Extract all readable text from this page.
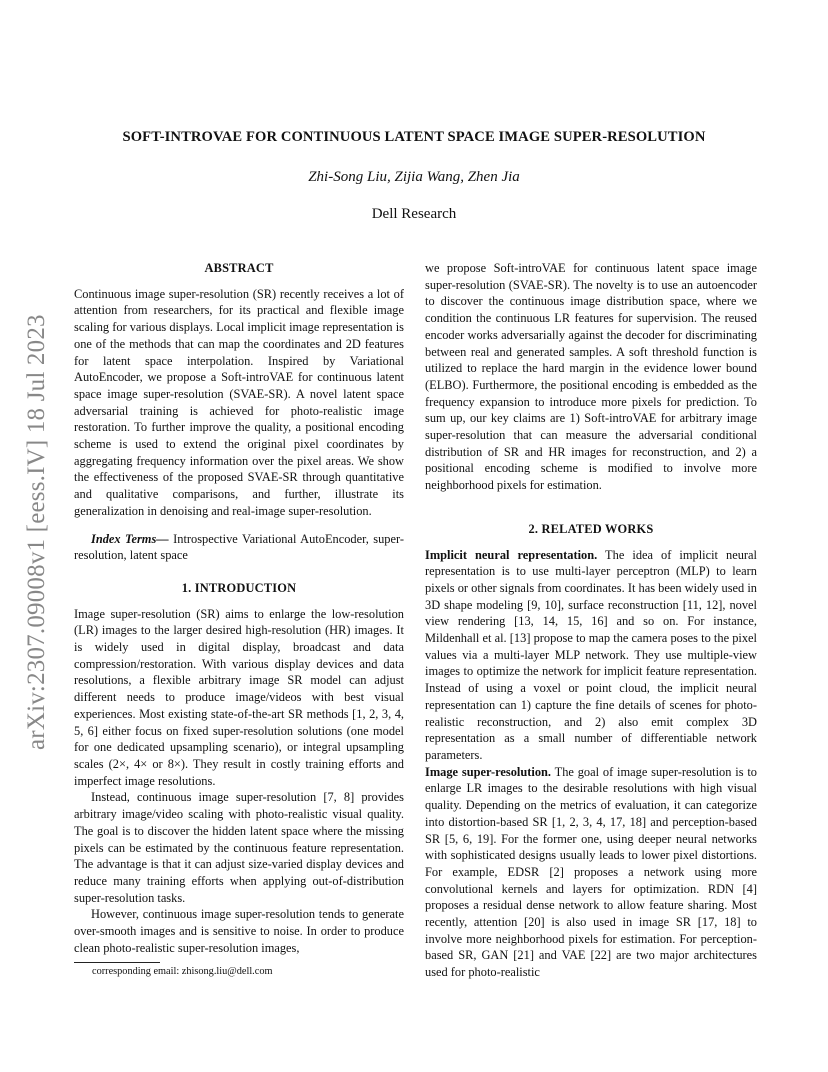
arXiv:2307.09008v1 [eess.IV] 18 Jul 2023
SOFT-INTROVAE FOR CONTINUOUS LATENT SPACE IMAGE SUPER-RESOLUTION
Zhi-Song Liu, Zijia Wang, Zhen Jia
Dell Research
ABSTRACT

Continuous image super-resolution (SR) recently receives a lot of attention from researchers, for its practical and flexible image scaling for various displays. Local implicit image representation is one of the methods that can map the coordinates and 2D features for latent space interpolation. Inspired by Variational AutoEncoder, we propose a Soft-introVAE for continuous latent space image super-resolution (SVAE-SR). A novel latent space adversarial training is achieved for photo-realistic image restoration. To further improve the quality, a positional encoding scheme is used to extend the original pixel coordinates by aggregating frequency information over the pixel areas. We show the effectiveness of the proposed SVAE-SR through quantitative and qualitative comparisons, and further, illustrate its generalization in denoising and real-image super-resolution.

Index Terms— Introspective Variational AutoEncoder, super-resolution, latent space

1. INTRODUCTION

Image super-resolution (SR) aims to enlarge the low-resolution (LR) images to the larger desired high-resolution (HR) images. It is widely used in digital display, broadcast and data compression/restoration. With various display devices and data resolutions, a flexible arbitrary image SR model can adjust different needs to produce image/videos with best visual experiences. Most existing state-of-the-art SR methods [1, 2, 3, 4, 5, 6] either focus on fixed super-resolution solutions (one model for one dedicated upsampling scenario), or integral upsampling scales (2×, 4× or 8×). They result in costly training efforts and imperfect image resolutions.

Instead, continuous image super-resolution [7, 8] provides arbitrary image/video scaling with photo-realistic visual quality. The goal is to discover the hidden latent space where the missing pixels can be estimated by the continuous feature representation. The advantage is that it can adjust size-varied display devices and reduce many training efforts when applying out-of-distribution super-resolution tasks.

However, continuous image super-resolution tends to generate over-smooth images and is sensitive to noise. In order to produce clean photo-realistic super-resolution images,

we propose Soft-introVAE for continuous latent space image super-resolution (SVAE-SR). The novelty is to use an autoencoder to discover the continuous image distribution space, where we condition the continuous LR features for supervision. The reused encoder works adversarially against the decoder for discriminating between real and generated samples. A soft threshold function is utilized to replace the hard margin in the evidence lower bound (ELBO). Furthermore, the positional encoding is embedded as the frequency expansion to introduce more pixels for prediction. To sum up, our key claims are 1) Soft-introVAE for arbitrary image super-resolution that can measure the adversarial conditional distribution of SR and HR images for reconstruction, and 2) a positional encoding scheme is modified to involve more neighborhood pixels for estimation.

2. RELATED WORKS

Implicit neural representation. The idea of implicit neural representation is to use multi-layer perceptron (MLP) to learn pixels or other signals from coordinates. It has been widely used in 3D shape modeling [9, 10], surface reconstruction [11, 12], novel view rendering [13, 14, 15, 16] and so on. For instance, Mildenhall et al. [13] propose to map the camera poses to the pixel values via a multi-layer MLP network. They use multiple-view images to optimize the network for implicit feature representation. Instead of using a voxel or point cloud, the implicit neural representation can 1) capture the fine details of scenes for photo-realistic reconstruction, and 2) also emit complex 3D representation as a small number of differentiable network parameters.

Image super-resolution. The goal of image super-resolution is to enlarge LR images to the desirable resolutions with high visual quality. Depending on the metrics of evaluation, it can categorize into distortion-based SR [1, 2, 3, 4, 17, 18] and perception-based SR [5, 6, 19]. For the former one, using deeper neural networks with sophisticated designs usually leads to lower pixel distortions. For example, EDSR [2] proposes a network using more convolutional kernels and layers for optimization. RDN [4] proposes a residual dense network to allow feature sharing. Most recently, attention [20] is also used in image SR [17, 18] to involve more neighborhood pixels for estimation. For perception-based SR, GAN [21] and VAE [22] are two major architectures used for photo-realistic

corresponding email: zhisong.liu@dell.com
